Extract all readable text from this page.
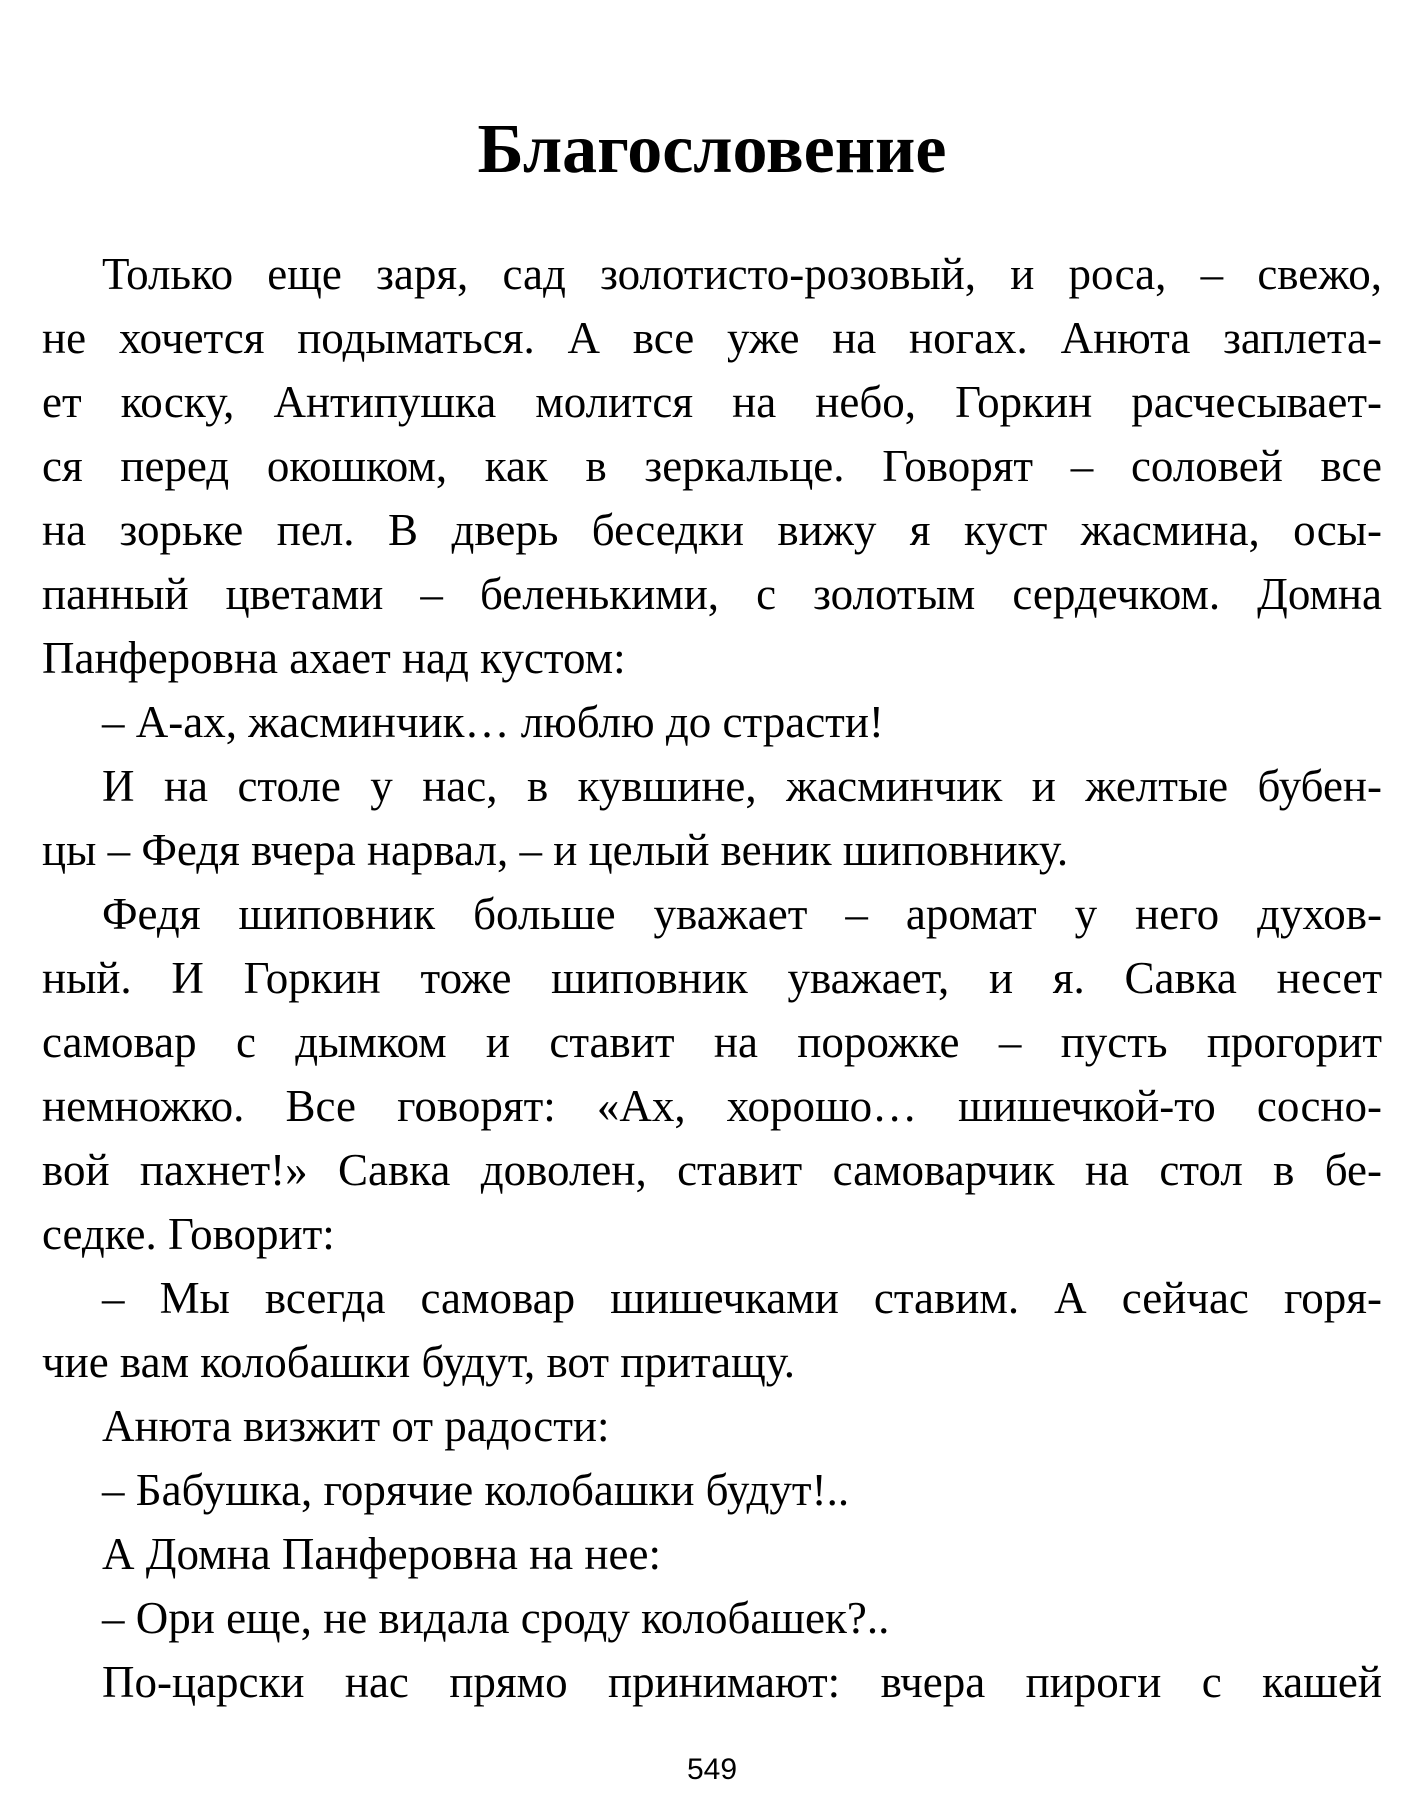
Благословение

Только еще заря, сад золотисто-розовый, и роса, – свежо,
не хочется подыматься. А все уже на ногах. Анюта заплета-
ет коску, Антипушка молится на небо, Горкин расчесывает-
ся перед окошком, как в зеркальце. Говорят – соловей все
на зорьке пел. В дверь беседки вижу я куст жасмина, осы-
панный цветами – беленькими, с золотым сердечком. Домна
Панферовна ахает над кустом:

– А-ах, жасминчик… люблю до страсти!

И на столе у нас, в кувшине, жасминчик и желтые бубен-
цы – Федя вчера нарвал, – и целый веник шиповнику.

Федя шиповник больше уважает – аромат у него духов-
ный. И Горкин тоже шиповник уважает, и я. Савка несет
самовар с дымком и ставит на порожке – пусть прогорит
немножко. Все говорят: «Ах, хорошо… шишечкой-то сосно-
вой пахнет!» Савка доволен, ставит самоварчик на стол в бе-
седке. Говорит:

– Мы всегда самовар шишечками ставим. А сейчас горя-
чие вам колобашки будут, вот притащу.

Анюта визжит от радости:

– Бабушка, горячие колобашки будут!..

А Домна Панферовна на нее:

– Ори еще, не видала сроду колобашек?..

По-царски нас прямо принимают: вчера пироги с кашей

549
